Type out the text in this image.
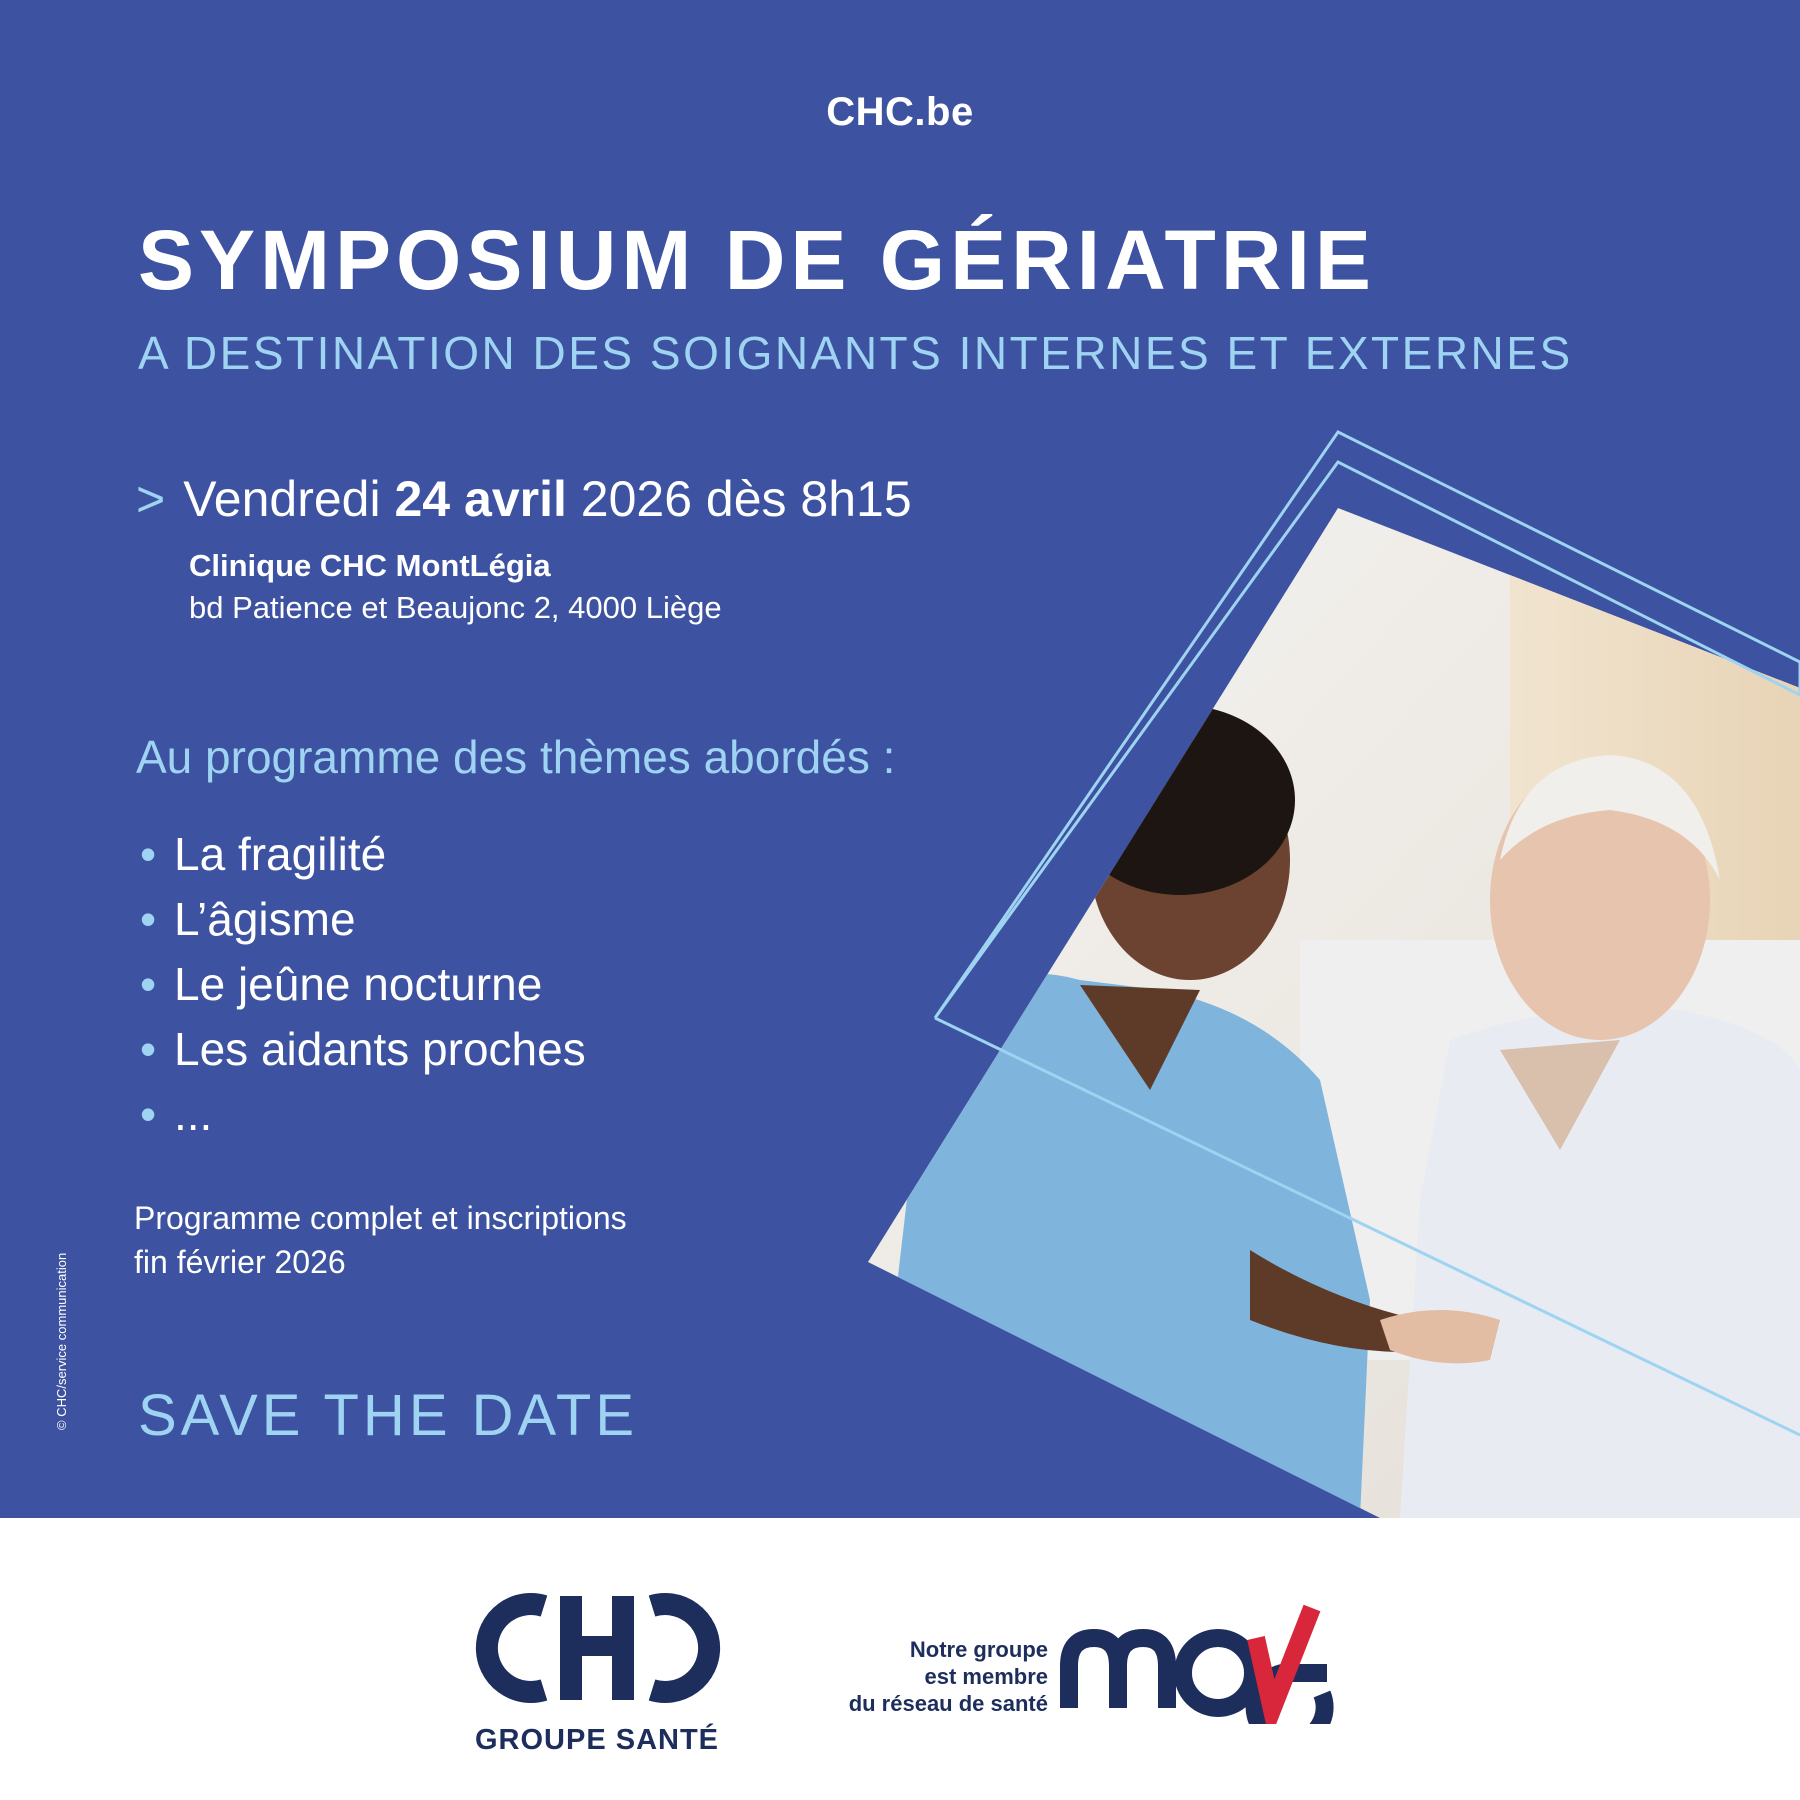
CHC.be
SYMPOSIUM DE GÉRIATRIE
A DESTINATION DES SOIGNANTS INTERNES ET EXTERNES
> Vendredi 24 avril 2026 dès 8h15
Clinique CHC MontLégia
bd Patience et Beaujonc 2, 4000 Liège
Au programme des thèmes abordés :
• La fragilité
• L’âgisme
• Le jeûne nocturne
• Les aidants proches
• ...
Programme complet et inscriptions
fin février 2026
SAVE THE DATE
© CHC/service communication
GROUPE SANTÉ
Notre groupe
est membre
du réseau de santé
